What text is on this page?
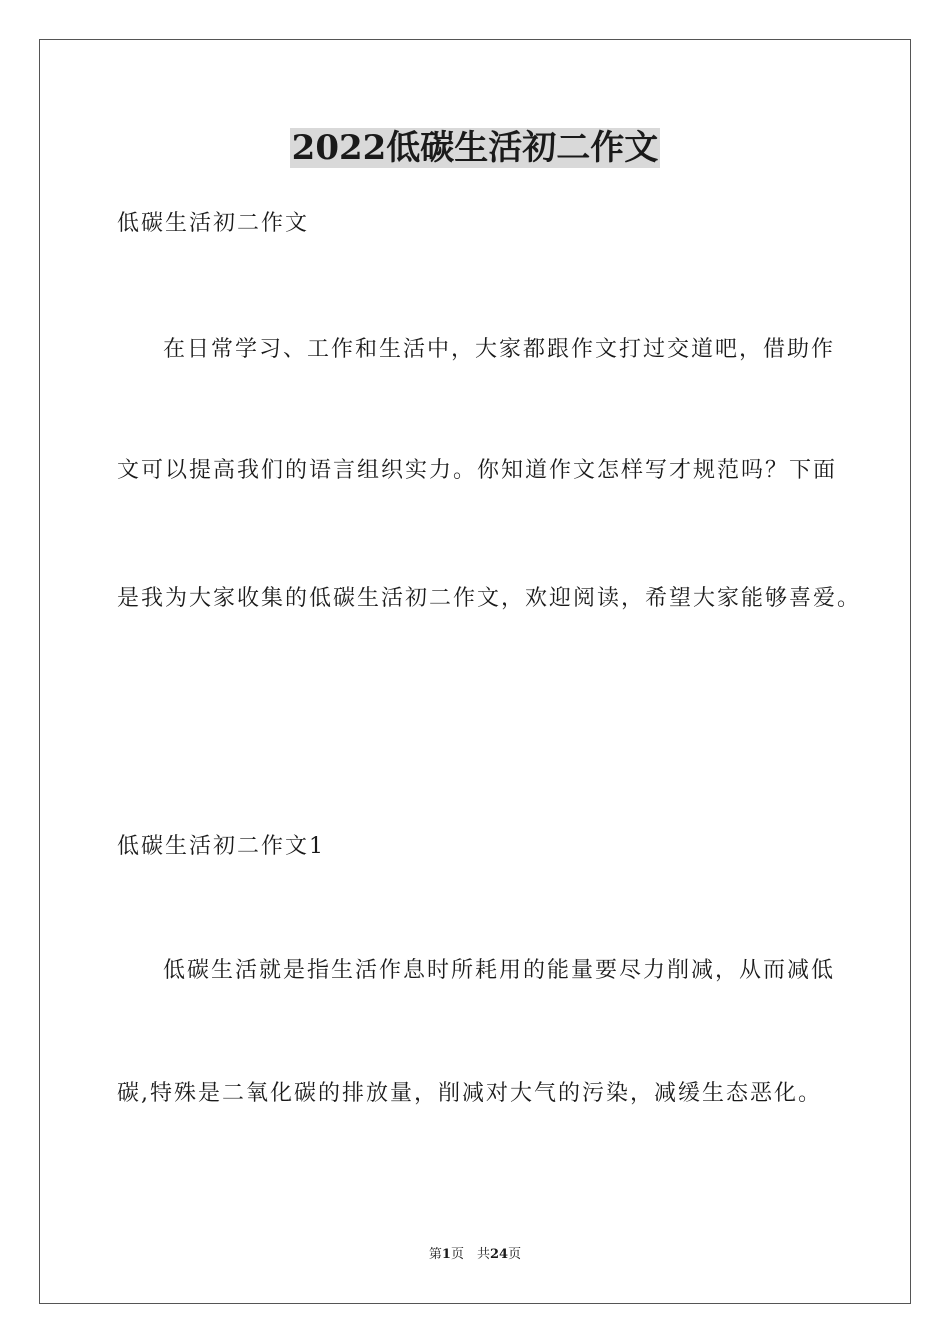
2022低碳生活初二作文
低碳生活初二作文
在日常学习、工作和生活中，大家都跟作文打过交道吧，借助作
文可以提高我们的语言组织实力。你知道作文怎样写才规范吗？下面
是我为大家收集的低碳生活初二作文，欢迎阅读，希望大家能够喜爱。
低碳生活初二作文1
低碳生活就是指生活作息时所耗用的能量要尽力削减，从而减低
碳,特殊是二氧化碳的排放量，削减对大气的污染，减缓生态恶化。
第1页　共24页
